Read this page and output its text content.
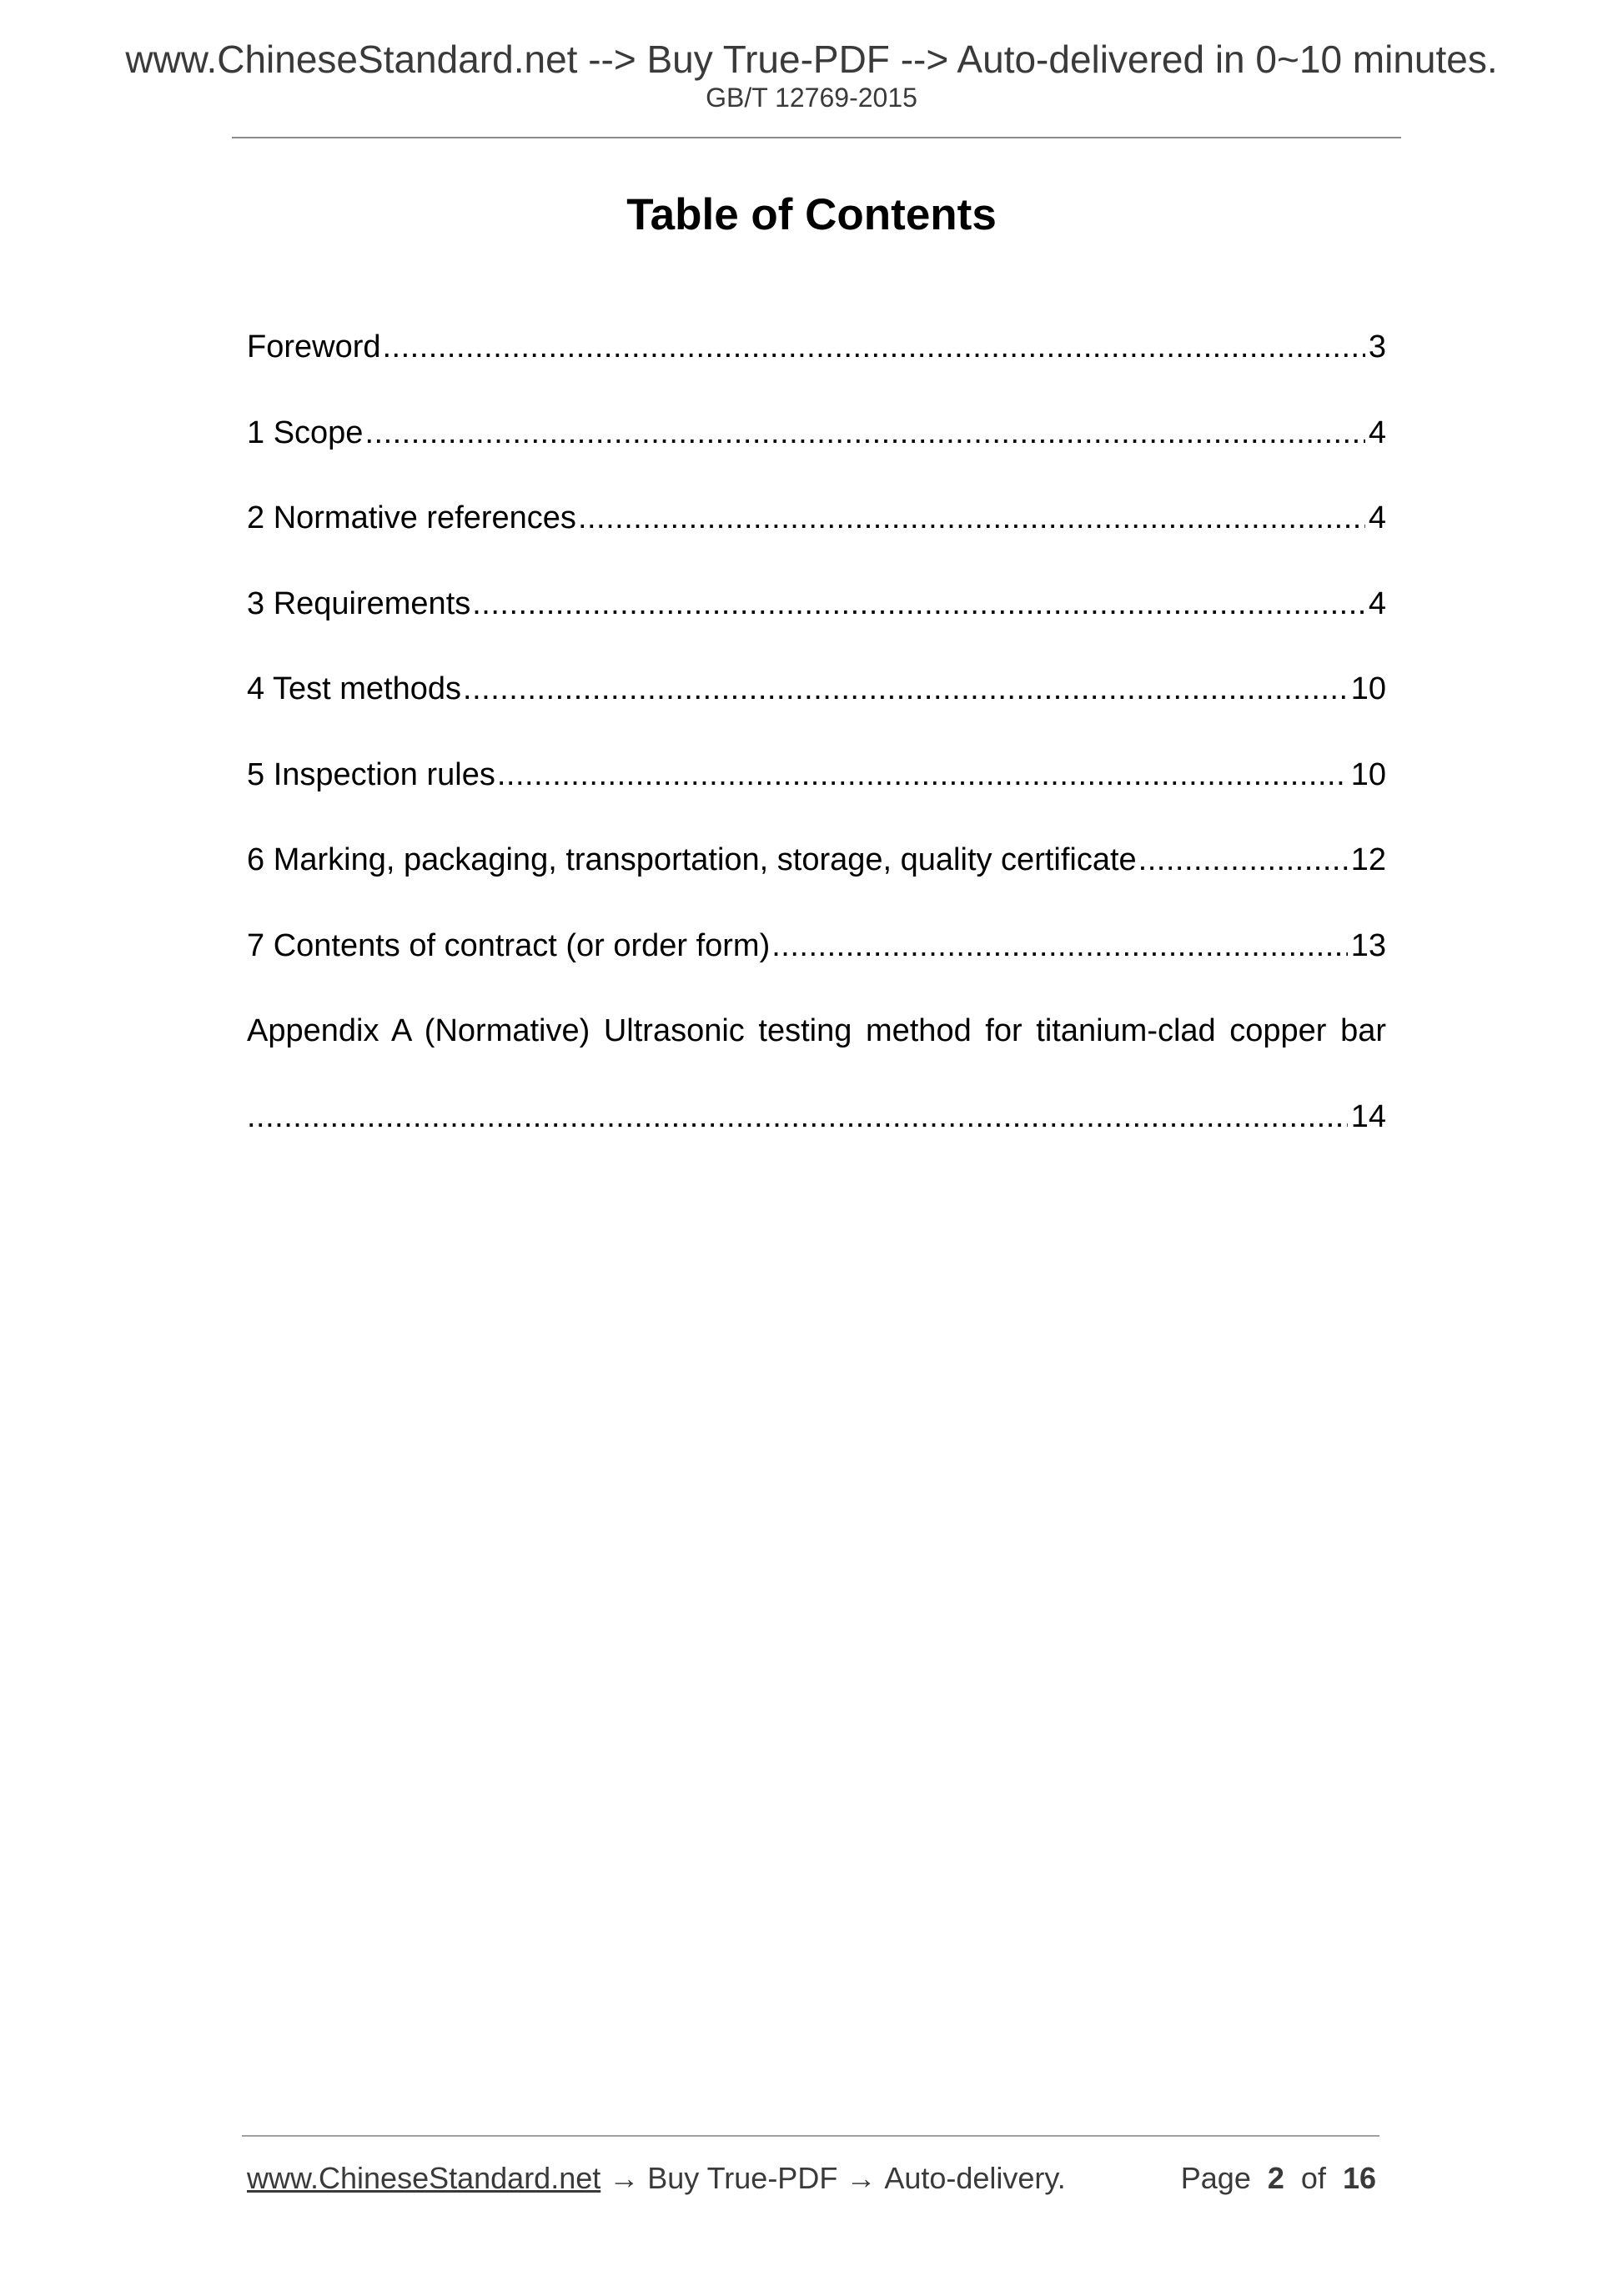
www.ChineseStandard.net --> Buy True-PDF --> Auto-delivered in 0~10 minutes.
GB/T 12769-2015
Table of Contents
Foreword .....	3
1 Scope .....	4
2 Normative references .....	4
3 Requirements .....	4
4 Test methods .....	10
5 Inspection rules .....	10
6 Marking, packaging, transportation, storage, quality certificate .....	12
7 Contents of contract (or order form) .....	13
Appendix A (Normative) Ultrasonic testing method for titanium-clad copper bar
.....
14
www.ChineseStandard.net → Buy True-PDF → Auto-delivery.	Page 2 of 16
